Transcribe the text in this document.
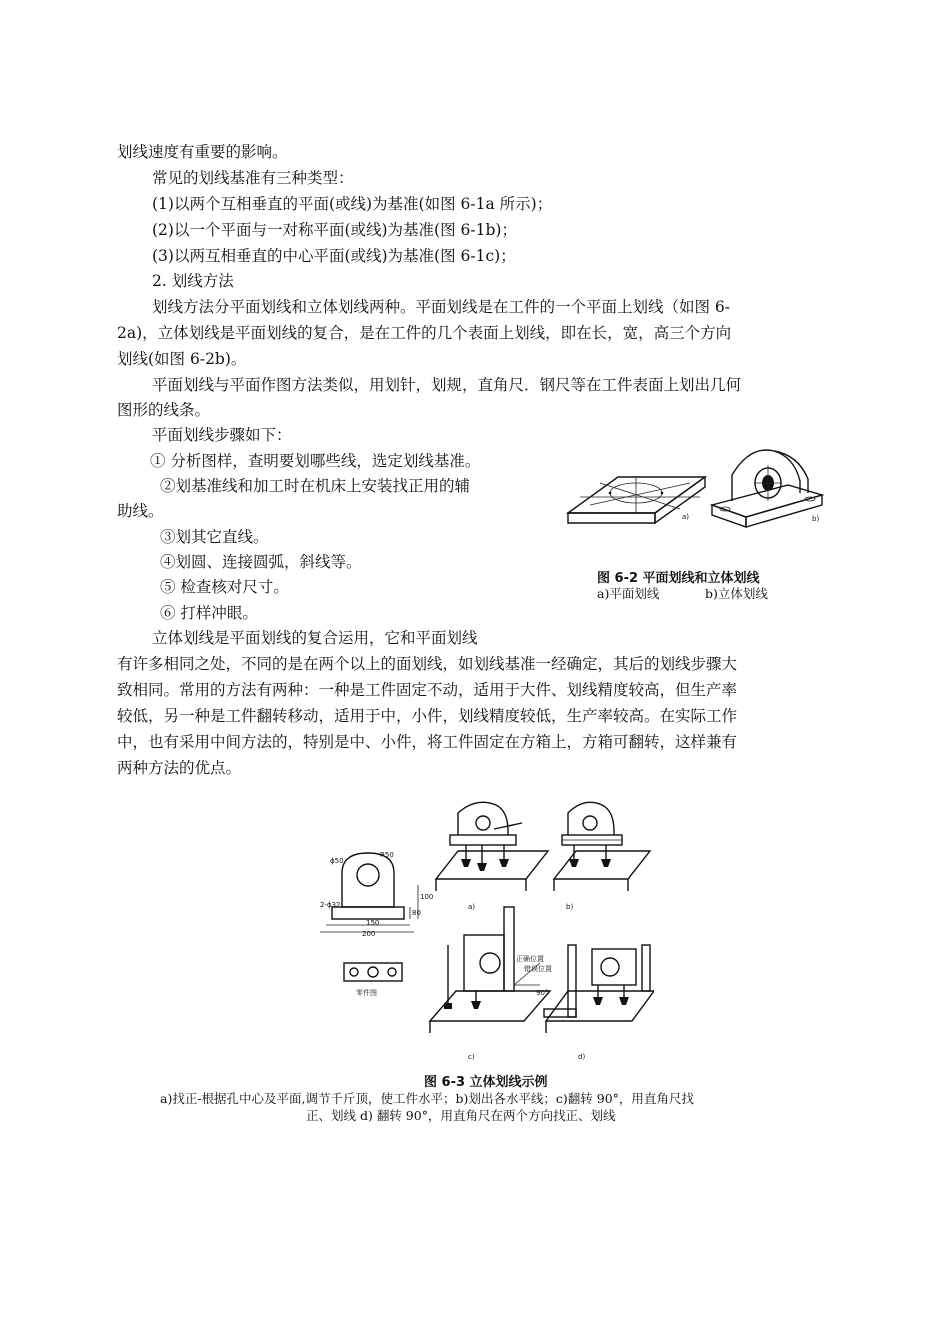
划线速度有重要的影响。
常见的划线基准有三种类型：
(1)以两个互相垂直的平面(或线)为基准(如图 6-1a 所示)；
(2)以一个平面与一对称平面(或线)为基准(图 6-1b)；
(3)以两互相垂直的中心平面(或线)为基准(图 6-1c)；
2. 划线方法
划线方法分平面划线和立体划线两种。平面划线是在工件的一个平面上划线（如图 6-
2a)，立体划线是平面划线的复合，是在工件的几个表面上划线，即在长，宽，高三个方向
划线(如图 6-2b)。
平面划线与平面作图方法类似，用划针，划规，直角尺．钢尺等在工件表面上划出几何
图形的线条。
平面划线步骤如下：
① 分析图样，查明要划哪些线，选定划线基准。
②划基准线和加工时在机床上安装找正用的辅
助线。
③划其它直线。
④划圆、连接圆弧，斜线等。
⑤ 检查核对尺寸。
⑥ 打样冲眼。
立体划线是平面划线的复合运用，它和平面划线
有许多相同之处，不同的是在两个以上的面划线，如划线基准一经确定，其后的划线步骤大
致相同。常用的方法有两种：一种是工件固定不动，适用于大件、划线精度较高，但生产率
较低，另一种是工件翻转移动，适用于中，小件，划线精度较低，生产率较高。在实际工作
中，也有采用中间方法的，特别是中、小件，将工件固定在方箱上，方箱可翻转，这样兼有
两种方法的优点。
a)	b)
图 6-2 平面划线和立体划线
a)平面划线	b)立体划线
150
200
ϕ50
R50
2-ϕ32
100
80
零件图
a)	b)
正确位置
错误位置
90°
c)	d)
图 6-3 立体划线示例
a)找正-根据孔中心及平面,调节千斤顶，使工件水平；b)划出各水平线；c)翻转 90°，用直角尺找
正、划线 d) 翻转 90°，用直角尺在两个方向找正、划线
